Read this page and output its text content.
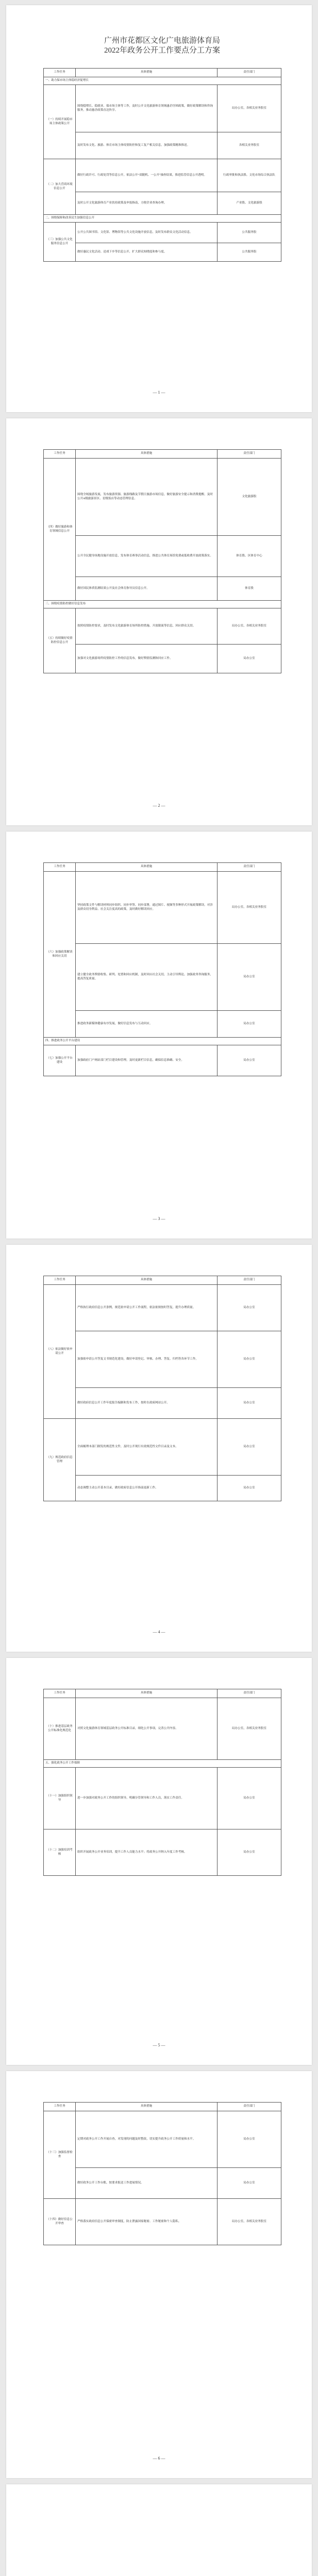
广州市花都区文化广电旅游体育局
2022年政务公开工作要点分工方案
工作任务	具体措施	责任部门
一、助力保市场主体稳经济促增长		
（一）持续开展稳市场主体政策公开	围绕稳增长、稳就业、保市场主体等工作，及时公开文化旅游体育领域惠企纾困政策，做好政策解读和咨询服务，推动惠企政策直达快享。	局办公室，各相关业务股室
	及时发布文化、旅游、体育市场主体疫情防控和复工复产相关信息，加强政策精准推送。	各相关业务股室
（二）加大营商环境信息公开	做好行政许可、行政处罚等信息公开，依法公开“双随机、一公开”抽查结果，推进监管信息公开透明。	行政审批和执法股、文化市场综合执法队
	及时公开文化旅游体育产业扶持政策及申报指南，方便企业查询办理。	产业股、文化旅游股
二、围绕保障和改善民生加强信息公开		
（三）加强公共文化服务信息公开	公开公共图书馆、文化馆、博物馆等公共文化设施开放信息，及时发布群众文化活动信息。	公共服务股
	做好惠民文化活动、送戏下乡等信息公开，扩大群众知晓度和参与度。	公共服务股
— 1 —
工作任务	具体措施	责任部门
（四）做好旅游和体育领域信息公开	围绕全域旅游发展，发布旅游资源、旅游线路及节假日旅游市场信息，做好旅游安全提示和消费提醒。及时公开A级旅游景区、星级饭店等动态管理信息。	文化旅游股
	公开全民健身场地设施开放信息，发布体育赛事活动信息，推进公共体育场馆免费或低收费开放政策落实。	体育股、区体育中心
	做好国民体质监测结果公开及社会体育指导员信息公开。	体育股
三、围绕疫情防控做好信息发布		
（五）持续做好疫情防控信息公开	按照疫情防控要求，及时发布文化旅游体育场所防控措施、开放限流等信息，回应群众关切。	局办公室，各相关业务股室
	加强对文化旅游场所疫情防控工作的信息发布，做好舆情监测和回应工作。	局办公室
— 2 —
工作任务	具体措施	责任部门
（六）加强政策解读和回应关切	坚持政策文件与解读材料同步组织、同步审签、同步部署，通过图片、视频等多种形式开展政策解读。对涉及群众切身利益、社会关注度高的政策，及时做好解读回应。	局办公室，各相关业务股室
	建立健全政务舆情收集、研判、处置和回应机制，及时回应社会关切，主动引导舆论。加强政务咨询服务，提高答复质量。	局办公室
	推进政务新媒体健康有序发展，做好信息发布与互动回应。	局办公室
四、推进政务公开平台建设		
（七）加强公开平台建设	加强政府门户网站部门栏目建设和管理，及时更新栏目信息，确保信息准确、安全。	局办公室
— 3 —
工作任务	具体措施	责任部门
（八）依法做好依申请公开	严格执行政府信息公开条例，规范依申请公开工作流程，依法依规按时答复，提升办理质量。	局办公室
	加强依申请公开答复文书规范化建设，做好申请登记、审核、办理、答复、归档等各环节工作。	局办公室
	做好政府信息公开工作年度报告编制和发布工作，按时在政府网站公开。	局办公室
（九）规范政府信息管理	全面梳理本部门制发的规范性文件，及时公开现行有效规范性文件目录及文本。	局办公室
	动态调整主动公开基本目录，做好政府信息公开指南更新工作。	局办公室
— 4 —
工作任务	具体措施	责任部门
（十）推进基层政务公开标准化规范化	对照文化旅游体育领域基层政务公开标准目录，细化公开事项，完善公开内容。	局办公室，各相关业务股室
五、强化政务公开工作保障		
（十一）加强组织领导	进一步加强对政务公开工作的组织领导，明确分管领导和工作人员，落实工作责任。	局办公室
（十二）加强培训考核	组织开展政务公开业务培训，提升工作人员能力水平；将政务公开纳入年度工作考核。	局办公室
— 5 —
工作任务	具体措施	责任部门
（十三）加强监督检查	定期对政务公开工作开展自查，对发现的问题及时整改，切实提升政务公开工作质量和水平。	局办公室
	做好政务公开工作台账，按要求报送工作进展情况。	局办公室
（十四）做好信息公开审查	严格落实政府信息公开保密审查制度，防止泄露国家秘密、工作秘密和个人隐私。	局办公室，各相关业务股室
— 6 —
